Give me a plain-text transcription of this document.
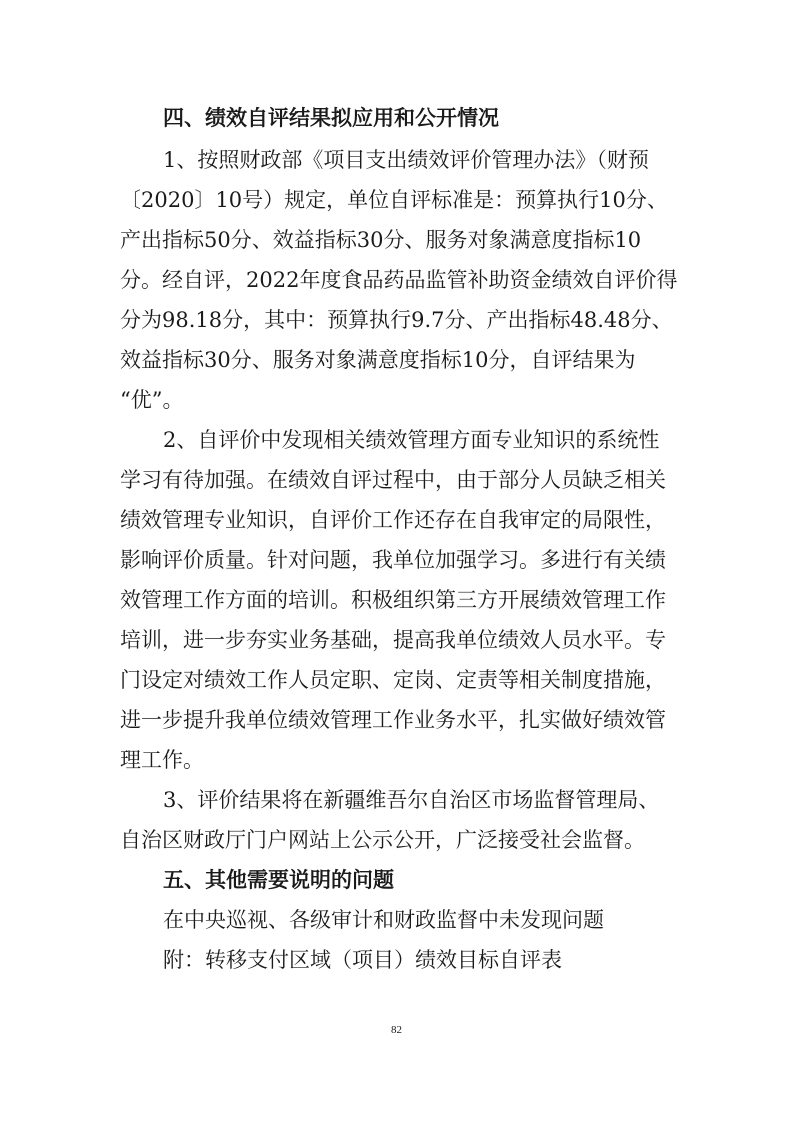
四、绩效自评结果拟应用和公开情况
1、按照财政部《项目支出绩效评价管理办法》（财预
〔2020〕10号）规定，单位自评标准是：预算执行10分、
产出指标50分、效益指标30分、服务对象满意度指标10
分。经自评，2022年度食品药品监管补助资金绩效自评价得
分为98.18分，其中：预算执行9.7分、产出指标48.48分、
效益指标30分、服务对象满意度指标10分，自评结果为
“优”。
2、自评价中发现相关绩效管理方面专业知识的系统性
学习有待加强。在绩效自评过程中，由于部分人员缺乏相关
绩效管理专业知识，自评价工作还存在自我审定的局限性，
影响评价质量。针对问题，我单位加强学习。多进行有关绩
效管理工作方面的培训。积极组织第三方开展绩效管理工作
培训，进一步夯实业务基础，提高我单位绩效人员水平。专
门设定对绩效工作人员定职、定岗、定责等相关制度措施，
进一步提升我单位绩效管理工作业务水平，扎实做好绩效管
理工作。
3、评价结果将在新疆维吾尔自治区市场监督管理局、
自治区财政厅门户网站上公示公开，广泛接受社会监督。
五、其他需要说明的问题
在中央巡视、各级审计和财政监督中未发现问题
附：转移支付区域（项目）绩效目标自评表
82
